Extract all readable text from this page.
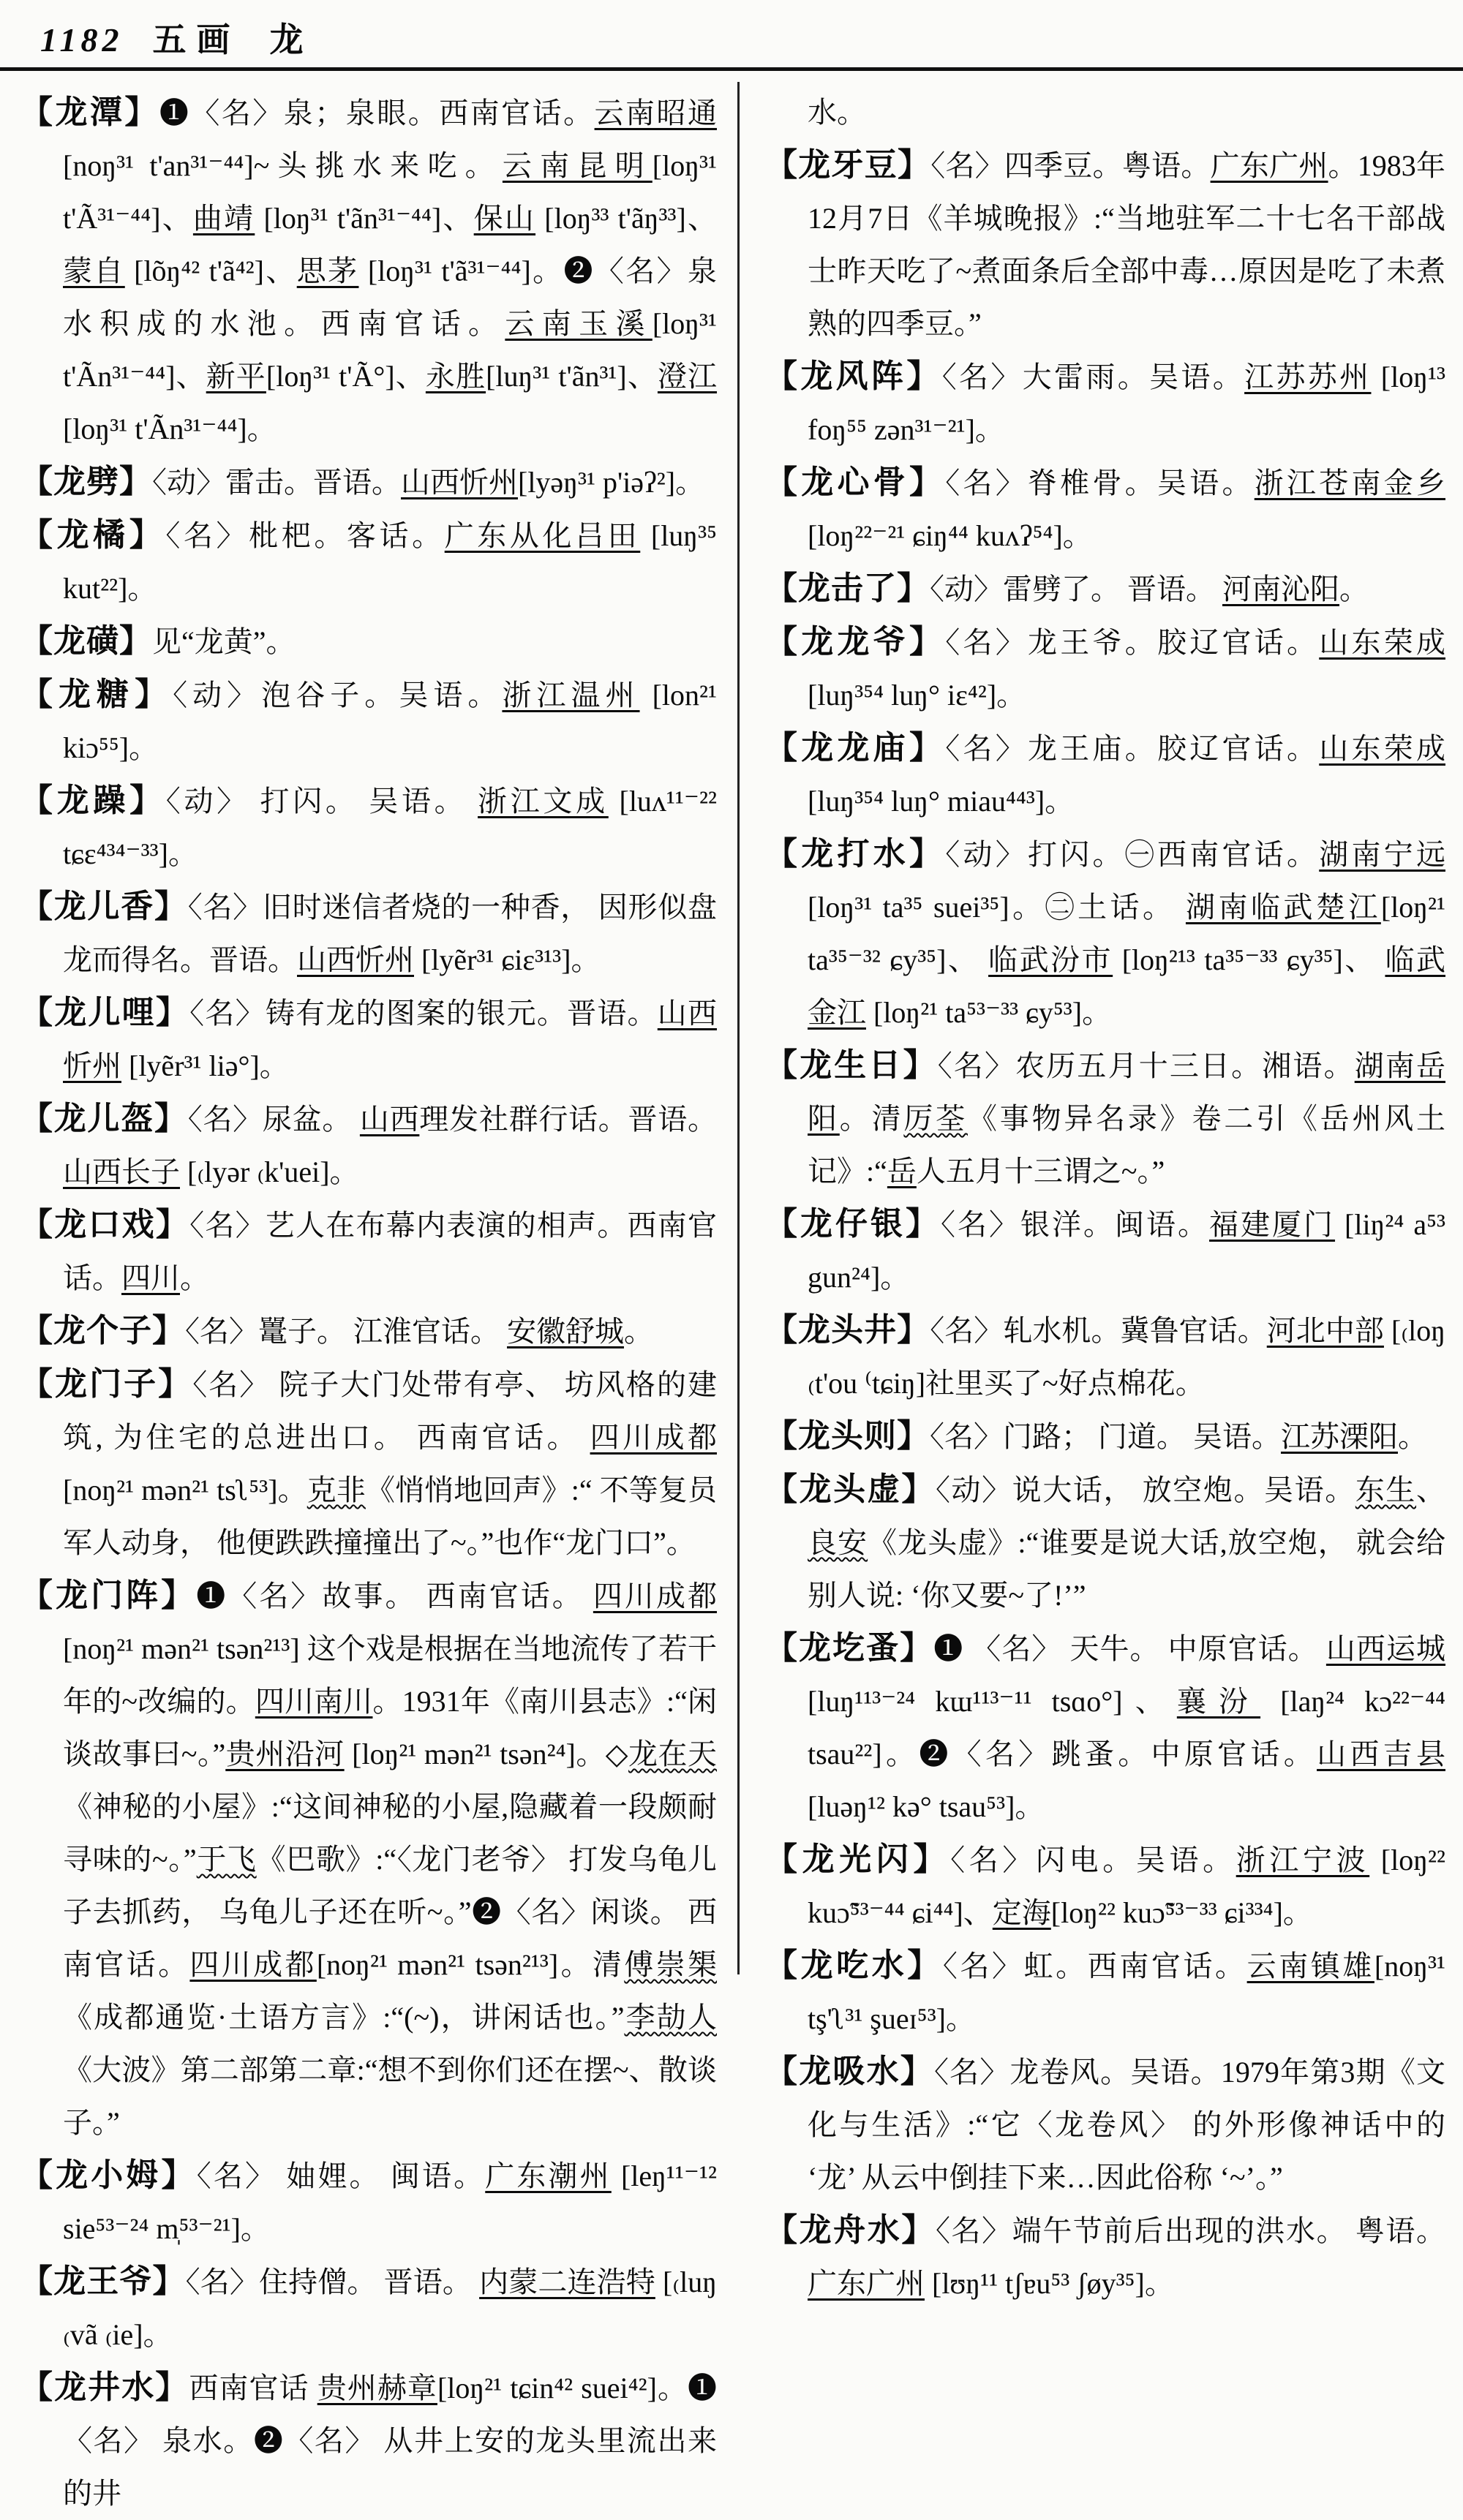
1182 五画 龙
【龙潭】❶〈名〉泉；泉眼。西南官话。云南昭通[noŋ³¹ t'an³¹⁻⁴⁴]~头挑水来吃。云南昆明[loŋ³¹ t'Ã³¹⁻⁴⁴]、曲靖 [loŋ³¹ t'ãn³¹⁻⁴⁴]、保山 [loŋ³³ t'ãŋ³³]、蒙自 [lõŋ⁴² t'ã⁴²]、思茅 [loŋ³¹ t'ã³¹⁻⁴⁴]。❷〈名〉泉水积成的水池。西南官话。云南玉溪[loŋ³¹ t'Ãn³¹⁻⁴⁴]、新平[loŋ³¹ t'Ã°]、永胜[luŋ³¹ t'ãn³¹]、澄江 [loŋ³¹ t'Ãn³¹⁻⁴⁴]。
【龙劈】〈动〉雷击。晋语。山西忻州[lyəŋ³¹ p'iəʔ²]。
【龙橘】〈名〉枇杷。客话。广东从化吕田 [luŋ³⁵ kut²²]。
【龙磺】见“龙黄”。
【龙糖】〈动〉泡谷子。吴语。浙江温州 [lon²¹ kiɔ⁵⁵]。
【龙躁】〈动〉 打闪。 吴语。 浙江文成 [luʌ¹¹⁻²² tɕɛ⁴³⁴⁻³³]。
【龙儿香】〈名〉旧时迷信者烧的一种香， 因形似盘龙而得名。晋语。山西忻州 [lyẽr³¹ ɕiɛ³¹³]。
【龙儿哩】〈名〉铸有龙的图案的银元。晋语。山西忻州 [lyẽr³¹ liə°]。
【龙儿盔】〈名〉尿盆。 山西理发社群行话。晋语。山西长子 [₍lyər ₍k'uei]。
【龙口戏】〈名〉艺人在布幕内表演的相声。西南官话。四川。
【龙个子】〈名〉鼍子。 江淮官话。 安徽舒城。
【龙门子】〈名〉 院子大门处带有亭、 坊风格的建筑, 为住宅的总进出口。 西南官话。 四川成都 [noŋ²¹ mən²¹ tsʅ⁵³]。克非《悄悄地回声》:“ 不等复员军人动身， 他便跌跌撞撞出了~。”也作“龙门口”。
【龙门阵】❶〈名〉故事。 西南官话。 四川成都[noŋ²¹ mən²¹ tsən²¹³] 这个戏是根据在当地流传了若干年的~改编的。四川南川。1931年《南川县志》:“闲谈故事曰~。”贵州沿河 [loŋ²¹ mən²¹ tsən²⁴]。◇龙在天《神秘的小屋》:“这间神秘的小屋,隐藏着一段颇耐寻味的~。”于飞《巴歌》:“〈龙门老爷〉 打发乌龟儿子去抓药， 乌龟儿子还在听~。”❷〈名〉闲谈。 西南官话。四川成都[noŋ²¹ mən²¹ tsən²¹³]。清傅崇榘《成都通览·土语方言》:“(~)，讲闲话也。”李劼人《大波》第二部第二章:“想不到你们还在摆~、散谈子。”
【龙小姆】〈名〉 妯娌。 闽语。广东潮州 [leŋ¹¹⁻¹² sie⁵³⁻²⁴ m̩⁵³⁻²¹]。
【龙王爷】〈名〉住持僧。 晋语。 内蒙二连浩特 [₍luŋ ₍vã ₍ie]。
【龙井水】西南官话 贵州赫章[loŋ²¹ tɕin⁴² suei⁴²]。❶〈名〉 泉水。❷〈名〉 从井上安的龙头里流出来的井
水。
【龙牙豆】〈名〉四季豆。粤语。广东广州。1983年12月7日《羊城晚报》:“当地驻军二十七名干部战士昨天吃了~煮面条后全部中毒…原因是吃了未煮熟的四季豆。”
【龙风阵】〈名〉大雷雨。吴语。江苏苏州 [loŋ¹³ foŋ⁵⁵ zən³¹⁻²¹]。
【龙心骨】〈名〉脊椎骨。吴语。浙江苍南金乡[loŋ²²⁻²¹ ɕiŋ⁴⁴ kuʌʔ⁵⁴]。
【龙击了】〈动〉雷劈了。 晋语。 河南沁阳。
【龙龙爷】〈名〉龙王爷。胶辽官话。山东荣成 [luŋ³⁵⁴ luŋ° iɛ⁴²]。
【龙龙庙】〈名〉龙王庙。胶辽官话。山东荣成 [luŋ³⁵⁴ luŋ° miau⁴⁴³]。
【龙打水】〈动〉打闪。㊀西南官话。湖南宁远 [loŋ³¹ ta³⁵ suei³⁵]。㊁土话。 湖南临武楚江[loŋ²¹ ta³⁵⁻³² ɕy³⁵]、 临武汾市 [loŋ²¹³ ta³⁵⁻³³ ɕy³⁵]、 临武金江 [loŋ²¹ ta⁵³⁻³³ ɕy⁵³]。
【龙生日】〈名〉农历五月十三日。湘语。湖南岳阳。清厉荃《事物异名录》卷二引《岳州风土记》:“岳人五月十三谓之~。”
【龙仔银】〈名〉银洋。闽语。福建厦门 [liŋ²⁴ a⁵³ gun²⁴]。
【龙头井】〈名〉轧水机。冀鲁官话。河北中部 [₍loŋ ₍t'ou ⁽tɕiŋ]社里买了~好点棉花。
【龙头则】〈名〉门路； 门道。 吴语。江苏溧阳。
【龙头虚】〈动〉说大话， 放空炮。吴语。东生、良安《龙头虚》:“谁要是说大话,放空炮， 就会给别人说: ‘你又要~了!’”
【龙圪蚤】❶ 〈名〉 天牛。 中原官话。 山西运城 [luŋ¹¹³⁻²⁴ kɯ¹¹³⁻¹¹ tsɑo°]、襄汾 [laŋ²⁴ kɔ²²⁻⁴⁴ tsau²²]。❷〈名〉跳蚤。中原官话。山西吉县 [luəŋ¹² kə° tsau⁵³]。
【龙光闪】〈名〉闪电。吴语。浙江宁波 [loŋ²² kuɔ̃⁵³⁻⁴⁴ ɕi⁴⁴]、定海[loŋ²² kuɔ̃⁵³⁻³³ ɕi³³⁴]。
【龙吃水】〈名〉虹。西南官话。云南镇雄[noŋ³¹ tş'ʅ³¹ şueɪ⁵³]。
【龙吸水】〈名〉龙卷风。吴语。1979年第3期《文化与生活》:“它〈龙卷风〉 的外形像神话中的 ‘龙’ 从云中倒挂下来…因此俗称 ‘~’。”
【龙舟水】〈名〉端午节前后出现的洪水。 粤语。 广东广州 [lʊŋ¹¹ tʃɐu⁵³ ʃøy³⁵]。
